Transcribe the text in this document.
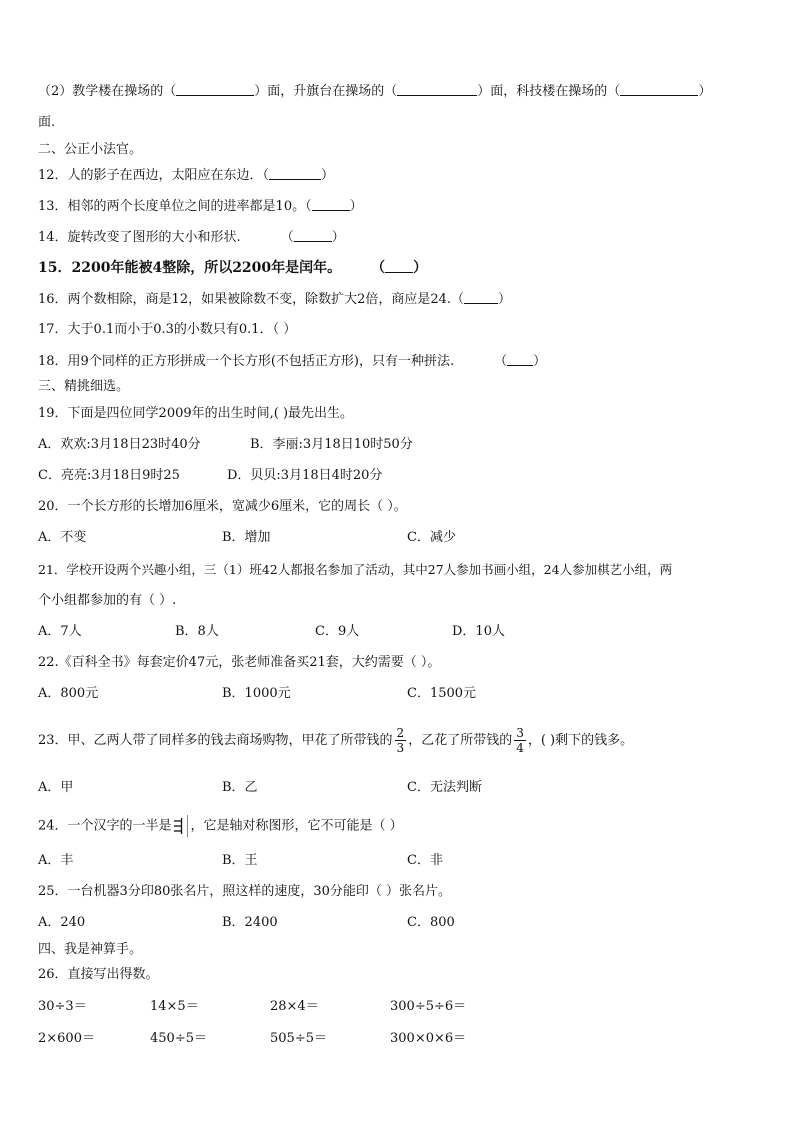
（2）教学楼在操场的（	）面，升旗台在操场的（	）面，科技楼在操场的（	）
面.
二、公正小法官。
12．人的影子在西边，太阳应在东边．（	）
13．相邻的两个长度单位之间的进率都是10。（	）
14．旋转改变了图形的大小和形状.	（	）
15．2200年能被4整除，所以2200年是闰年。 （ ）
16．两个数相除，商是12，如果被除数不变，除数扩大2倍，商应是24.（	）
17．大于0.1而小于0.3的小数只有0.1．（ ）
18．用9个同样的正方形拼成一个长方形(不包括正方形)，只有一种拼法.	（ ）
三、精挑细选。
19．下面是四位同学2009年的出生时间,( )最先出生。
A．欢欢:3月18日23时40分	B．李丽:3月18日10时50分
C．亮亮:3月18日9时25	D．贝贝:3月18日4时20分
20．一个长方形的长增加6厘米，宽减少6厘米，它的周长（ ）。
A．不变	B．增加	C．减少
21．学校开设两个兴趣小组，三（1）班42人都报名参加了活动，其中27人参加书画小组，24人参加棋艺小组，两
个小组都参加的有（ ）.
A．7人	B．8人	C．9人	D．10人
22.《百科全书》每套定价47元，张老师准备买21套，大约需要（ ）。
A．800元	B．1000元	C．1500元
23．甲、乙两人带了同样多的钱去商场购物，甲花了所带钱的 $\frac{2}{3}$ ，乙花了所带钱的 $\frac{3}{4}$ ，( )剩下的钱多。
A．甲	B．乙	C．无法判断
24．一个汉字的一半是 ，它是轴对称图形，它不可能是（ ）
A．丰	B．王	C．非
25．一台机器3分印80张名片，照这样的速度，30分能印（ ）张名片。
A．240	B．2400	C．800
四、我是神算手。
26．直接写出得数。
30÷3＝	14×5＝	28×4＝	300÷5÷6＝
2×600＝	450÷5＝	505÷5＝	300×0×6＝
